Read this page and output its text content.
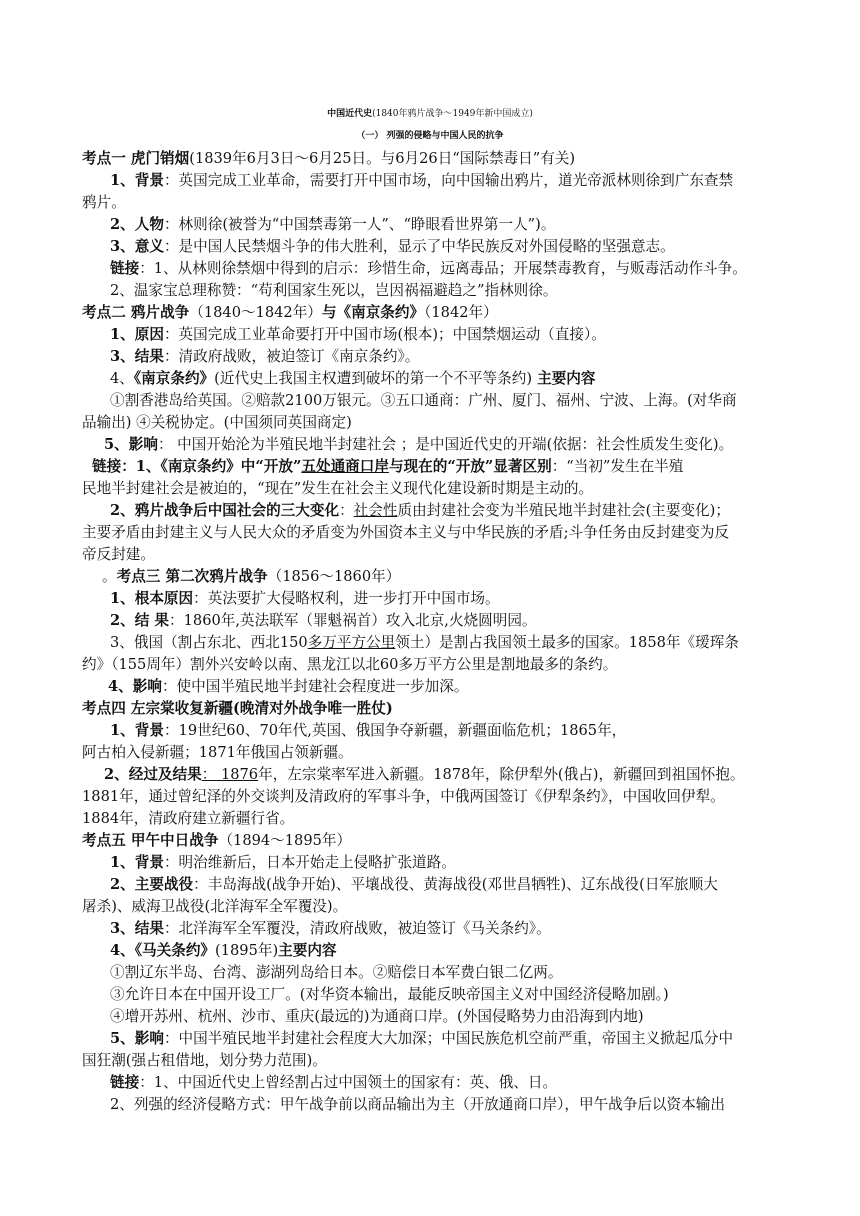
中国近代史(1840年鸦片战争～1949年新中国成立)
（一） 列强的侵略与中国人民的抗争
考点一 虎门销烟(1839年6月3日～6月25日。与6月26日“国际禁毒日”有关)
1、背景：英国完成工业革命，需要打开中国市场，向中国输出鸦片，道光帝派林则徐到广东查禁
鸦片。
2、人物：林则徐(被誉为“中国禁毒第一人”、“睁眼看世界第一人”)。
3、意义：是中国人民禁烟斗争的伟大胜利，显示了中华民族反对外国侵略的坚强意志。
链接：1、从林则徐禁烟中得到的启示：珍惜生命，远离毒品；开展禁毒教育，与贩毒活动作斗争。
2、温家宝总理称赞：“苟利国家生死以，岂因祸福避趋之”指林则徐。
考点二 鸦片战争（1840～1842年）与《南京条约》（1842年）
1、原因：英国完成工业革命要打开中国市场(根本)；中国禁烟运动（直接）。
3、结果：清政府战败，被迫签订《南京条约》。
4、《南京条约》(近代史上我国主权遭到破坏的第一个不平等条约) 主要内容
①割香港岛给英国。②赔款2100万银元。③五口通商：广州、厦门、福州、宁波、上海。(对华商
品输出) ④关税协定。(中国须同英国商定)
5、影响： 中国开始沦为半殖民地半封建社会 ；是中国近代史的开端(依据：社会性质发生变化)。
链接：1、《南京条约》中“开放”五处通商口岸与现在的“开放”显著区别：“当初”发生在半殖
民地半封建社会是被迫的，“现在”发生在社会主义现代化建设新时期是主动的。
2、鸦片战争后中国社会的三大变化：社会性质由封建社会变为半殖民地半封建社会(主要变化)；
主要矛盾由封建主义与人民大众的矛盾变为外国资本主义与中华民族的矛盾;斗争任务由反封建变为反
帝反封建。
。考点三 第二次鸦片战争（1856～1860年）
1、根本原因：英法要扩大侵略权利，进一步打开中国市场。
2、结 果：1860年,英法联军（罪魁祸首）攻入北京,火烧圆明园。
3、俄国（割占东北、西北150多万平方公里领土）是割占我国领土最多的国家。1858年《瑷珲条
约》（155周年）割外兴安岭以南、黑龙江以北60多万平方公里是割地最多的条约。
4、影响：使中国半殖民地半封建社会程度进一步加深。
考点四 左宗棠收复新疆(晚清对外战争唯一胜仗)
1、背景：19世纪60、70年代,英国、俄国争夺新疆，新疆面临危机；1865年，
阿古柏入侵新疆；1871年俄国占领新疆。
2、经过及结果： 1876年，左宗棠率军进入新疆。1878年，除伊犁外(俄占)，新疆回到祖国怀抱。
1881年，通过曾纪泽的外交谈判及清政府的军事斗争，中俄两国签订《伊犁条约》，中国收回伊犁。
1884年，清政府建立新疆行省。
考点五 甲午中日战争（1894～1895年）
1、背景：明治维新后，日本开始走上侵略扩张道路。
2、主要战役：丰岛海战(战争开始)、平壤战役、黄海战役(邓世昌牺牲)、辽东战役(日军旅顺大
屠杀)、威海卫战役(北洋海军全军覆没)。
3、结果：北洋海军全军覆没，清政府战败，被迫签订《马关条约》。
4、《马关条约》(1895年)主要内容
①割辽东半岛、台湾、澎湖列岛给日本。②赔偿日本军费白银二亿两。
③允许日本在中国开设工厂。(对华资本输出，最能反映帝国主义对中国经济侵略加剧。)
④增开苏州、杭州、沙市、重庆(最远的)为通商口岸。(外国侵略势力由沿海到内地)
5、影响：中国半殖民地半封建社会程度大大加深；中国民族危机空前严重，帝国主义掀起瓜分中
国狂潮(强占租借地，划分势力范围)。
链接：1、中国近代史上曾经割占过中国领土的国家有：英、俄、日。
2、列强的经济侵略方式：甲午战争前以商品输出为主（开放通商口岸），甲午战争后以资本输出
